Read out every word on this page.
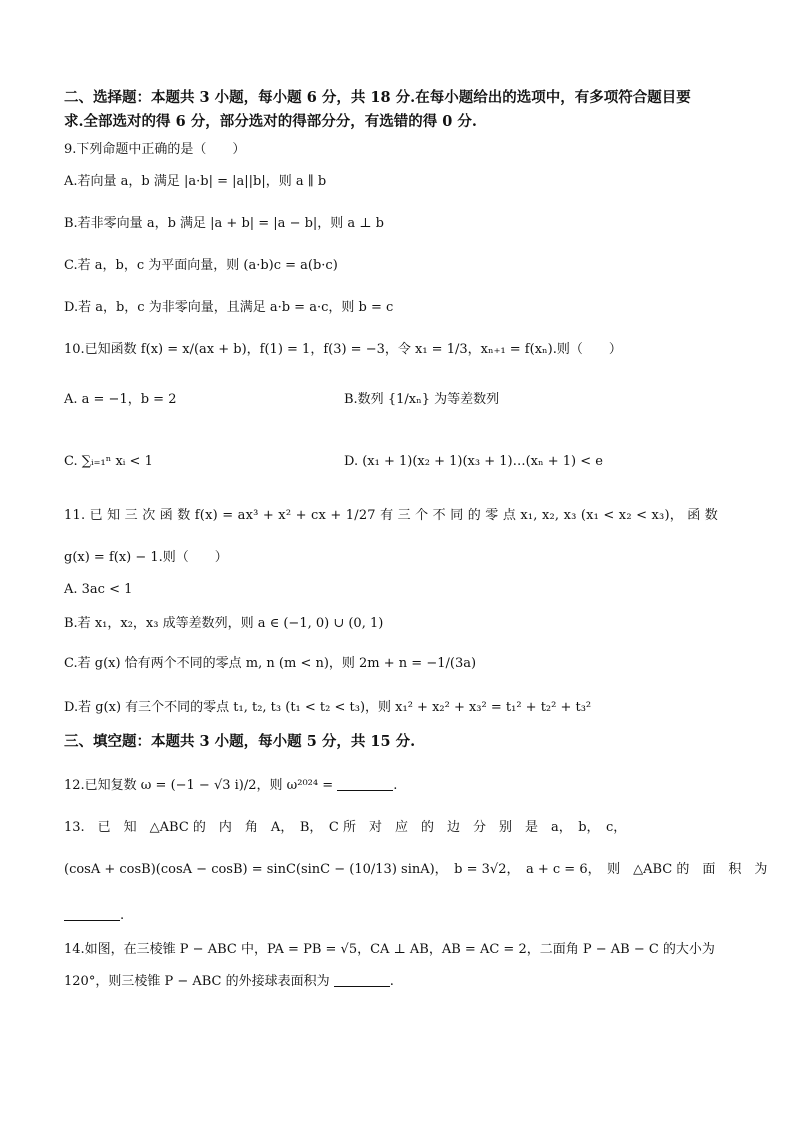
二、选择题：本题共 3 小题，每小题 6 分，共 18 分.在每小题给出的选项中，有多项符合题目要
求.全部选对的得 6 分，部分选对的得部分分，有选错的得 0 分.
9.下列命题中正确的是（　　）
A.若向量 a，b 满足 |a·b| = |a||b|，则 a ∥ b
B.若非零向量 a，b 满足 |a + b| = |a − b|，则 a ⊥ b
C.若 a，b，c 为平面向量，则 (a·b)c = a(b·c)
D.若 a，b，c 为非零向量，且满足 a·b = a·c，则 b = c
10.已知函数 f(x) = x/(ax + b)，f(1) = 1，f(3) = −3，令 x₁ = 1/3，xₙ₊₁ = f(xₙ).则（　　）
A. a = −1，b = 2	B.数列 {1/xₙ} 为等差数列
C. ∑ᵢ₌₁ⁿ xᵢ < 1	D. (x₁ + 1)(x₂ + 1)(x₃ + 1)…(xₙ + 1) < e
11. 已 知 三 次 函 数 f(x) = ax³ + x² + cx + 1/27 有 三 个 不 同 的 零 点 x₁, x₂, x₃ (x₁ < x₂ < x₃)， 函 数
g(x) = f(x) − 1.则（　　）
A. 3ac < 1
B.若 x₁，x₂，x₃ 成等差数列，则 a ∈ (−1, 0) ∪ (0, 1)
C.若 g(x) 恰有两个不同的零点 m, n (m < n)，则 2m + n = −1/(3a)
D.若 g(x) 有三个不同的零点 t₁, t₂, t₃ (t₁ < t₂ < t₃)，则 x₁² + x₂² + x₃² = t₁² + t₂² + t₃²
三、填空题：本题共 3 小题，每小题 5 分，共 15 分.
12.已知复数 ω = (−1 − √3 i)/2，则 ω²⁰²⁴ =	.
13.　已　知　△ABC 的　内　角　A，　B，　C 所　对　应　的　边　分　别　是　a，　b，　c，
(cosA + cosB)(cosA − cosB) = sinC(sinC − (10/13) sinA)，　b = 3√2，　a + c = 6，　则　△ABC 的　面　积　为
.
14.如图，在三棱锥 P − ABC 中，PA = PB = √5，CA ⊥ AB，AB = AC = 2，二面角 P − AB − C 的大小为
120°，则三棱锥 P − ABC 的外接球表面积为	.
